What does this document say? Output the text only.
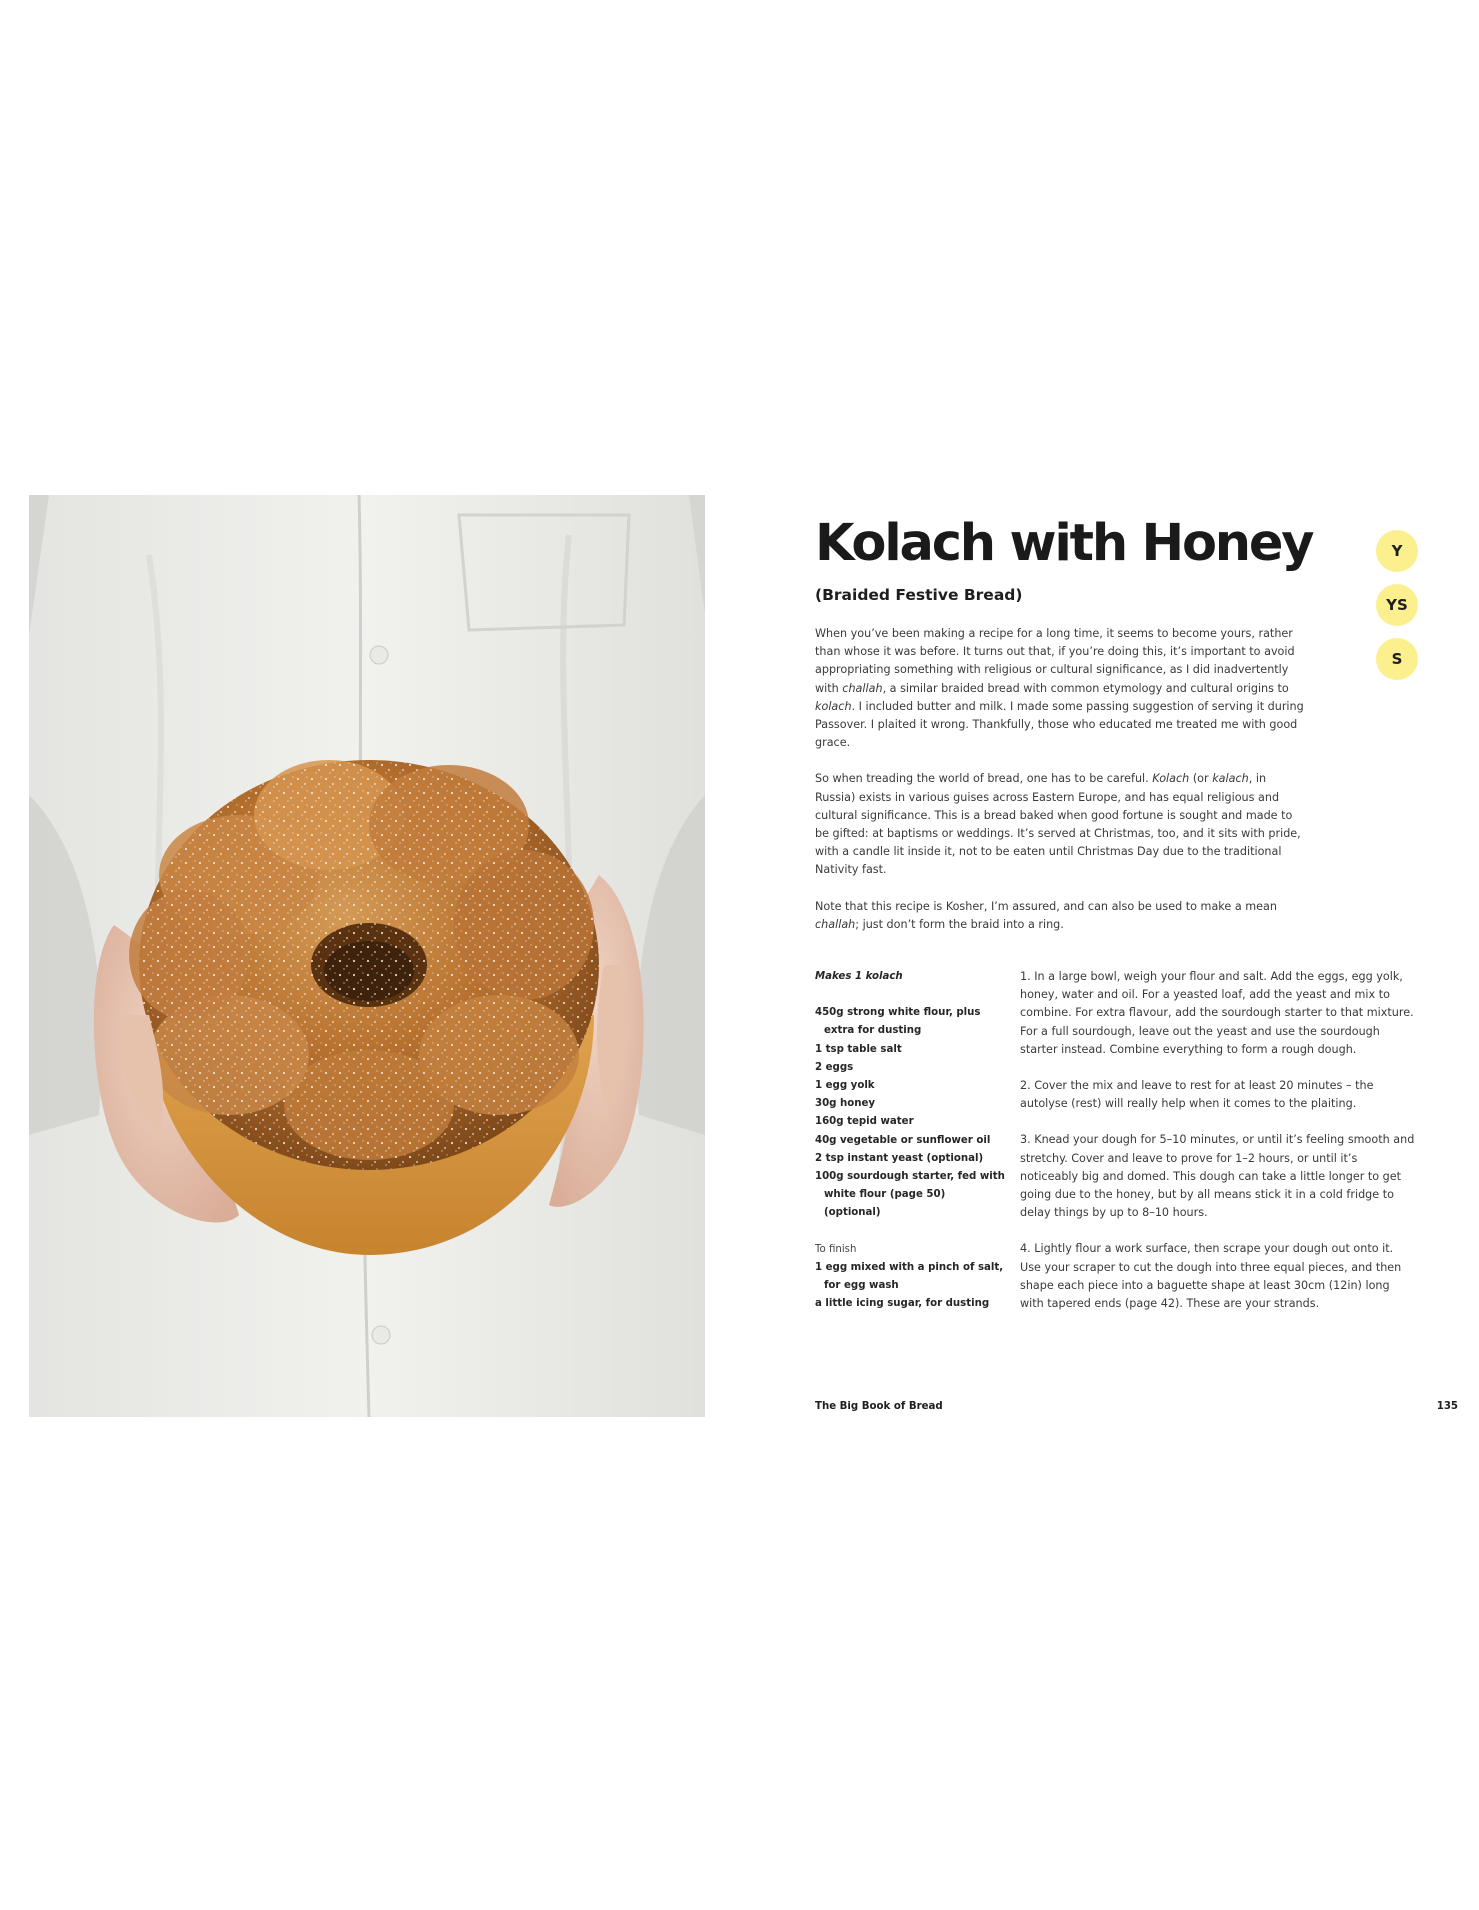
Kolach with Honey
(Braided Festive Bread)
Y
YS
S

When you’ve been making a recipe for a long time, it seems to become yours, rather than whose it was before. It turns out that, if you’re doing this, it’s important to avoid appropriating something with religious or cultural significance, as I did inadvertently with challah, a similar braided bread with common etymology and cultural origins to kolach. I included butter and milk. I made some passing suggestion of serving it during Passover. I plaited it wrong. Thankfully, those who educated me treated me with good grace.

So when treading the world of bread, one has to be careful. Kolach (or kalach, in Russia) exists in various guises across Eastern Europe, and has equal religious and cultural significance. This is a bread baked when good fortune is sought and made to be gifted: at baptisms or weddings. It’s served at Christmas, too, and it sits with pride, with a candle lit inside it, not to be eaten until Christmas Day due to the traditional Nativity fast.

Note that this recipe is Kosher, I’m assured, and can also be used to make a mean challah; just don’t form the braid into a ring.

Makes 1 kolach
450g strong white flour, plus extra for dusting
1 tsp table salt
2 eggs
1 egg yolk
30g honey
160g tepid water
40g vegetable or sunflower oil
2 tsp instant yeast (optional)
100g sourdough starter, fed with white flour (page 50) (optional)
To finish
1 egg mixed with a pinch of salt, for egg wash
a little icing sugar, for dusting

1. In a large bowl, weigh your flour and salt. Add the eggs, egg yolk, honey, water and oil. For a yeasted loaf, add the yeast and mix to combine. For extra flavour, add the sourdough starter to that mixture. For a full sourdough, leave out the yeast and use the sourdough starter instead. Combine everything to form a rough dough.

2. Cover the mix and leave to rest for at least 20 minutes – the autolyse (rest) will really help when it comes to the plaiting.

3. Knead your dough for 5–10 minutes, or until it’s feeling smooth and stretchy. Cover and leave to prove for 1–2 hours, or until it’s noticeably big and domed. This dough can take a little longer to get going due to the honey, but by all means stick it in a cold fridge to delay things by up to 8–10 hours.

4. Lightly flour a work surface, then scrape your dough out onto it. Use your scraper to cut the dough into three equal pieces, and then shape each piece into a baguette shape at least 30cm (12in) long with tapered ends (page 42). These are your strands.

The Big Book of Bread	135
